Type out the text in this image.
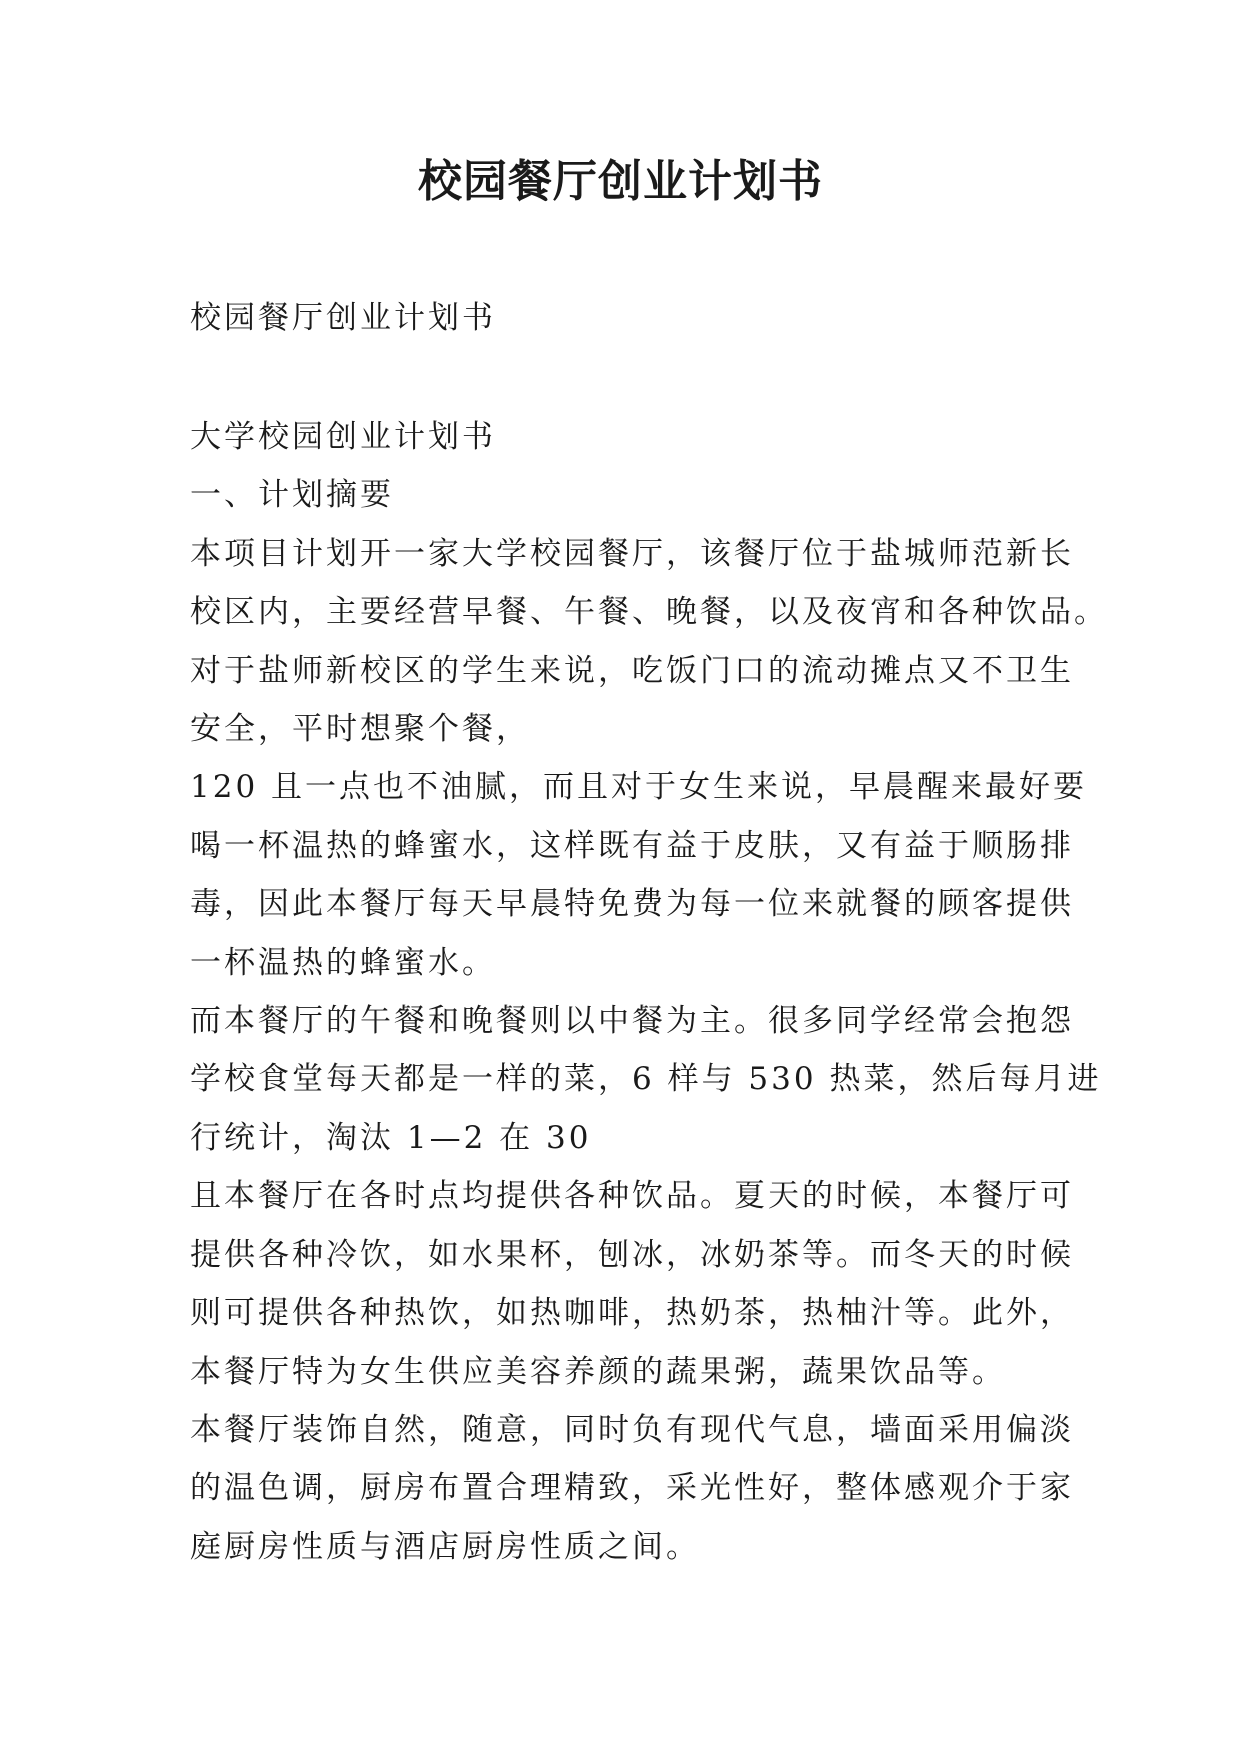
校园餐厅创业计划书

校园餐厅创业计划书

大学校园创业计划书

一、计划摘要

本项目计划开一家大学校园餐厅，该餐厅位于盐城师范新长
校区内，主要经营早餐、午餐、晚餐，以及夜宵和各种饮品。
对于盐师新校区的学生来说，吃饭门口的流动摊点又不卫生
安全，平时想聚个餐，

120 且一点也不油腻，而且对于女生来说，早晨醒来最好要
喝一杯温热的蜂蜜水，这样既有益于皮肤，又有益于顺肠排
毒，因此本餐厅每天早晨特免费为每一位来就餐的顾客提供
一杯温热的蜂蜜水。

而本餐厅的午餐和晚餐则以中餐为主。很多同学经常会抱怨
学校食堂每天都是一样的菜，6 样与 530 热菜，然后每月进
行统计，淘汰 1—2 在 30

且本餐厅在各时点均提供各种饮品。夏天的时候，本餐厅可
提供各种冷饮，如水果杯，刨冰，冰奶茶等。而冬天的时候
则可提供各种热饮，如热咖啡，热奶茶，热柚汁等。此外，
本餐厅特为女生供应美容养颜的蔬果粥，蔬果饮品等。

本餐厅装饰自然，随意，同时负有现代气息，墙面采用偏淡
的温色调，厨房布置合理精致，采光性好，整体感观介于家
庭厨房性质与酒店厨房性质之间。
